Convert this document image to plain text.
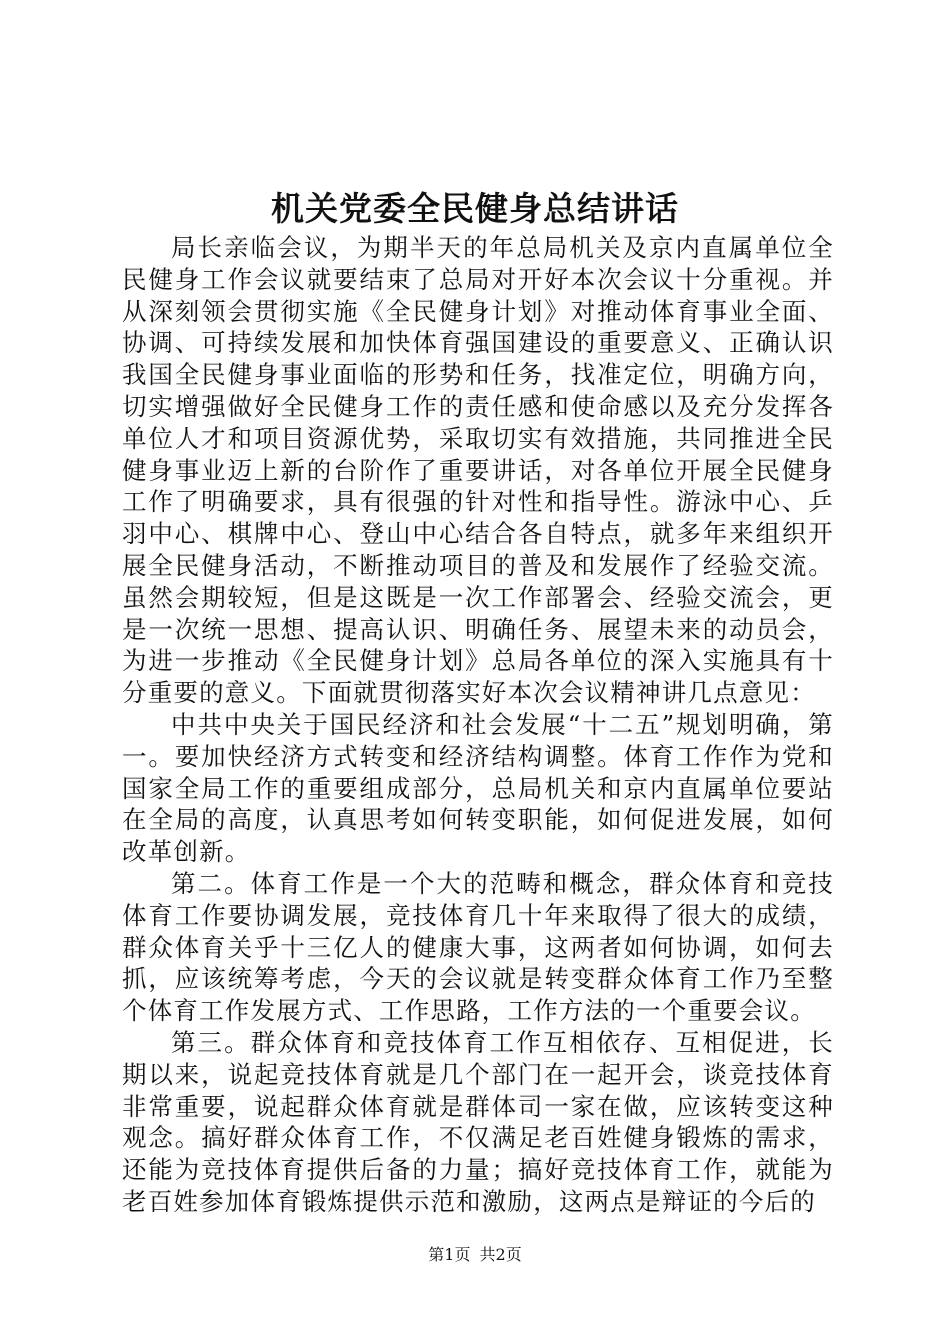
机关党委全民健身总结讲话

局长亲临会议，为期半天的年总局机关及京内直属单位全民健身工作会议就要结束了总局对开好本次会议十分重视。并从深刻领会贯彻实施《全民健身计划》对推动体育事业全面、协调、可持续发展和加快体育强国建设的重要意义、正确认识我国全民健身事业面临的形势和任务，找准定位，明确方向，切实增强做好全民健身工作的责任感和使命感以及充分发挥各单位人才和项目资源优势，采取切实有效措施，共同推进全民健身事业迈上新的台阶作了重要讲话，对各单位开展全民健身工作了明确要求，具有很强的针对性和指导性。游泳中心、乒羽中心、棋牌中心、登山中心结合各自特点，就多年来组织开展全民健身活动，不断推动项目的普及和发展作了经验交流。虽然会期较短，但是这既是一次工作部署会、经验交流会，更是一次统一思想、提高认识、明确任务、展望未来的动员会，为进一步推动《全民健身计划》总局各单位的深入实施具有十分重要的意义。下面就贯彻落实好本次会议精神讲几点意见：

中共中央关于国民经济和社会发展“十二五”规划明确，第一。要加快经济方式转变和经济结构调整。体育工作作为党和国家全局工作的重要组成部分，总局机关和京内直属单位要站在全局的高度，认真思考如何转变职能，如何促进发展，如何改革创新。

第二。体育工作是一个大的范畴和概念，群众体育和竞技体育工作要协调发展，竞技体育几十年来取得了很大的成绩，群众体育关乎十三亿人的健康大事，这两者如何协调，如何去抓，应该统筹考虑，今天的会议就是转变群众体育工作乃至整个体育工作发展方式、工作思路，工作方法的一个重要会议。

第三。群众体育和竞技体育工作互相依存、互相促进，长期以来，说起竞技体育就是几个部门在一起开会，谈竞技体育非常重要，说起群众体育就是群体司一家在做，应该转变这种观念。搞好群众体育工作，不仅满足老百姓健身锻炼的需求，还能为竞技体育提供后备的力量；搞好竞技体育工作，就能为老百姓参加体育锻炼提供示范和激励，这两点是辩证的今后的

第1页 共2页
